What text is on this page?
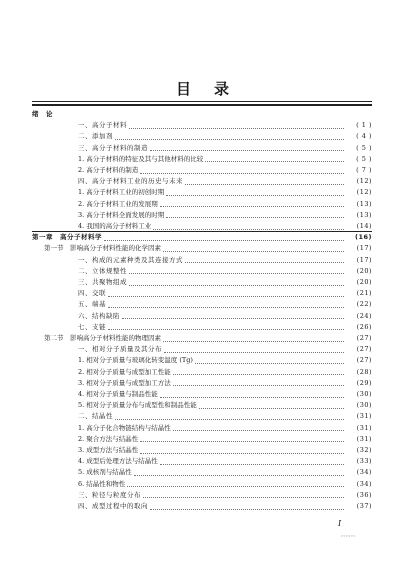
目 录
绪　论
一、高分子材料	( 1 )
二、添加剂	( 4 )
三、高分子材料的制造	( 5 )
1. 高分子材料的特征及其与其他材料的比较	( 5 )
2. 高分子材料的制造	( 7 )
四、高分子材料工业的历史与未来	(12)
1. 高分子材料工业的初创时期	(12)
2. 高分子材料工业的发展期	(13)
3. 高分子材料全面发展的时期	(13)
4. 我国的高分子材料工业	(14)
第一章　高分子材料学	(16)
第一节　影响高分子材料性能的化学因素	(17)
一、构成的元素种类及其连接方式	(17)
二、立体规整性	(20)
三、共聚物组成	(20)
四、交联	(21)
五、端基	(22)
六、结构缺陷	(24)
七、支链	(26)
第二节　影响高分子材料性能的物理因素	(27)
一、相对分子质量及其分布	(27)
1. 相对分子质量与玻璃化转变温度 (Tg)	(27)
2. 相对分子质量与成型加工性能	(28)
3. 相对分子质量与成型加工方法	(29)
4. 相对分子质量与制品性能	(30)
5. 相对分子质量分布与成型性和制品性能	(30)
二、结晶性	(31)
1. 高分子化合物链结构与结晶性	(31)
2. 聚合方法与结晶性	(31)
3. 成型方法与结晶性	(32)
4. 成型后处理方法与结晶性	(33)
5. 成核剂与结晶性	(34)
6. 结晶性和物性	(34)
三、粒径与粒度分布	(36)
四、成型过程中的取向	(37)
I
。。。。。。
